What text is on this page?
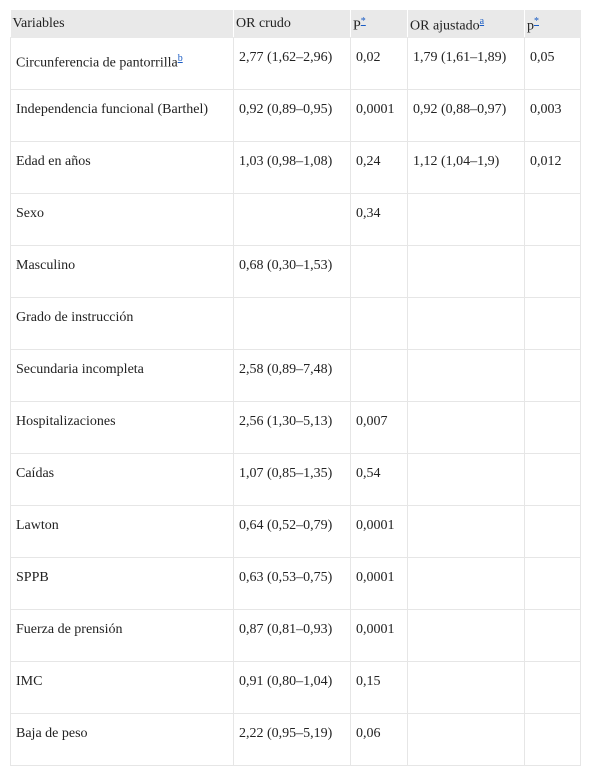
Variables	OR crudo	P*	OR ajustado$^a$	p*
Circunferencia de pantorrilla$^b$	2,77 (1,62–2,96)	0,02	1,79 (1,61–1,89)	0,05
Independencia funcional (Barthel)	0,92 (0,89–0,95)	0,0001	0,92 (0,88–0,97)	0,003
Edad en años	1,03 (0,98–1,08)	0,24	1,12 (1,04–1,9)	0,012
Sexo		0,34		
Masculino	0,68 (0,30–1,53)			
Grado de instrucción				
Secundaria incompleta	2,58 (0,89–7,48)			
Hospitalizaciones	2,56 (1,30–5,13)	0,007		
Caídas	1,07 (0,85–1,35)	0,54		
Lawton	0,64 (0,52–0,79)	0,0001		
SPPB	0,63 (0,53–0,75)	0,0001		
Fuerza de prensión	0,87 (0,81–0,93)	0,0001		
IMC	0,91 (0,80–1,04)	0,15		
Baja de peso	2,22 (0,95–5,19)	0,06		
